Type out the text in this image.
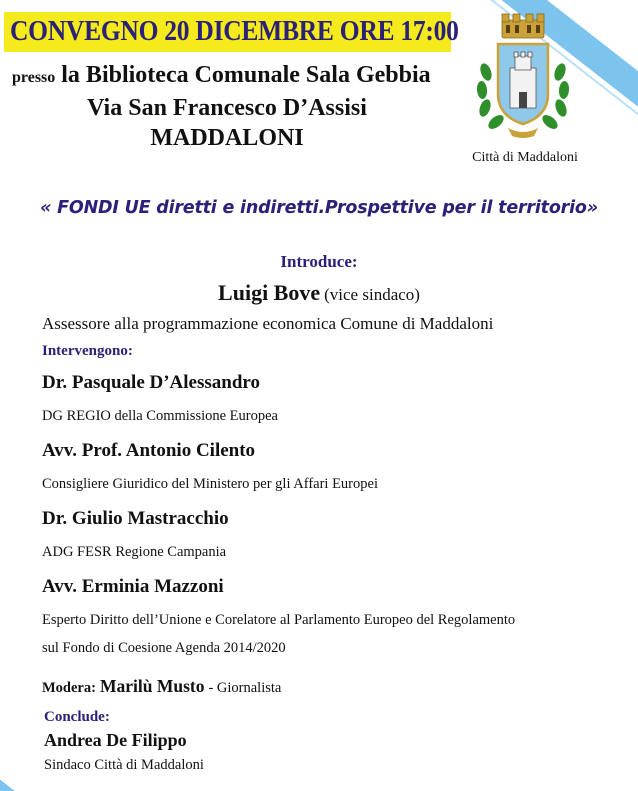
CONVEGNO 20 DICEMBRE ORE 17:00
presso la Biblioteca Comunale Sala Gebbia
Via San Francesco D’Assisi
MADDALONI
Città di Maddaloni
« FONDI UE diretti e indiretti.Prospettive per il territorio»
Introduce:
Luigi Bove (vice sindaco)
Assessore alla programmazione economica Comune di Maddaloni
Intervengono:
Dr. Pasquale D’Alessandro
DG REGIO della Commissione Europea
Avv. Prof. Antonio Cilento
Consigliere Giuridico del Ministero per gli Affari Europei
Dr. Giulio Mastracchio
ADG FESR Regione Campania
Avv. Erminia Mazzoni
Esperto Diritto dell’Unione e Corelatore al Parlamento Europeo del Regolamento
sul Fondo di Coesione Agenda 2014/2020
Modera: Marilù Musto - Giornalista
Conclude:
Andrea De Filippo
Sindaco Città di Maddaloni
